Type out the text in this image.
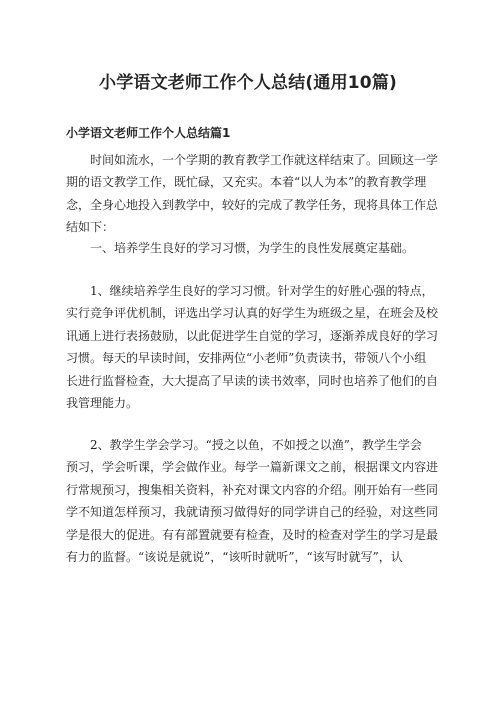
小学语文老师工作个人总结(通用10篇)
小学语文老师工作个人总结篇1
时间如流水，一个学期的教育教学工作就这样结束了。回顾这一学
期的语文教学工作，既忙碌，又充实。本着“以人为本”的教育教学理
念，全身心地投入到教学中，较好的完成了教学任务，现将具体工作总
结如下：
一、培养学生良好的学习习惯，为学生的良性发展奠定基础。
1、继续培养学生良好的学习习惯。针对学生的好胜心强的特点，
实行竞争评优机制，评选出学习认真的好学生为班级之星，在班会及校
讯通上进行表扬鼓励，以此促进学生自觉的学习，逐渐养成良好的学习
习惯。每天的早读时间，安排两位“小老师”负责读书，带领八个小组
长进行监督检查，大大提高了早读的读书效率，同时也培养了他们的自
我管理能力。
2、教学生学会学习。“授之以鱼，不如授之以渔”，教学生学会
预习，学会听课，学会做作业。每学一篇新课文之前，根据课文内容进
行常规预习，搜集相关资料，补充对课文内容的介绍。刚开始有一些同
学不知道怎样预习，我就请预习做得好的同学讲自己的经验，对这些同
学是很大的促进。有有部置就要有检查，及时的检查对学生的学习是最
有力的监督。“该说是就说”，“该听时就听”，“该写时就写”，认
